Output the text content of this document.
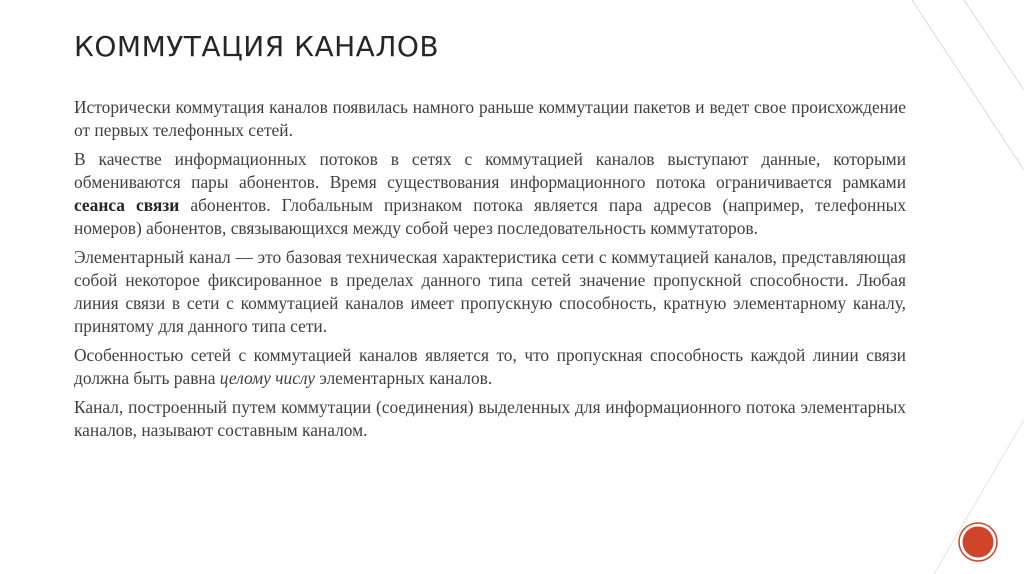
КОММУТАЦИЯ КАНАЛОВ

Исторически коммутация каналов появилась намного раньше коммутации пакетов и ведет свое происхождение от первых телефонных сетей.

В качестве информационных потоков в сетях с коммутацией каналов выступают данные, которыми обмениваются пары абонентов. Время существования информационного потока ограничивается рамками сеанса связи абонентов. Глобальным признаком потока является пара адресов (например, телефонных номеров) абонентов, связывающихся между собой через последовательность коммутаторов.

Элементарный канал — это базовая техническая характеристика сети с коммутацией каналов, представляющая собой некоторое фиксированное в пределах данного типа сетей значение пропускной способности. Любая линия связи в сети с коммутацией каналов имеет пропускную способность, кратную элементарному каналу, принятому для данного типа сети.

Особенностью сетей с коммутацией каналов является то, что пропускная способность каждой линии связи должна быть равна целому числу элементарных каналов.

Канал, построенный путем коммутации (соединения) выделенных для информационного потока элементарных каналов, называют составным каналом.
